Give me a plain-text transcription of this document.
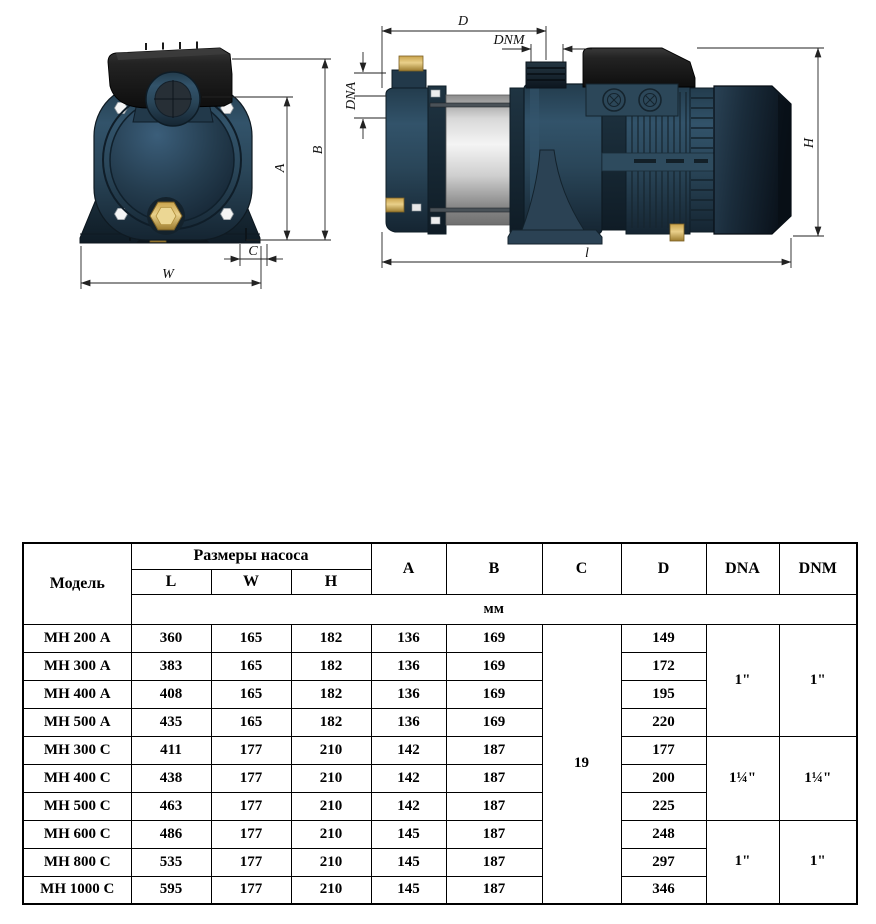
B
A
C
W
D
DNM
DNA
H
l
Модель	Размеры насоса			A	B	C	D	DNA	DNM
	L	W	H						
	мм								
МН 200 А	360	165	182	136	169	19	149	1"	1"
МН 300 А	383	165	182	136	169		172		
МН 400 А	408	165	182	136	169		195		
МН 500 А	435	165	182	136	169		220		
МН 300 С	411	177	210	142	187		177	1¼"	1¼"
МН 400 С	438	177	210	142	187		200		
МН 500 С	463	177	210	142	187		225		
МН 600 С	486	177	210	145	187		248	1"	1"
МН 800 С	535	177	210	145	187		297		
МН 1000 С	595	177	210	145	187		346		
